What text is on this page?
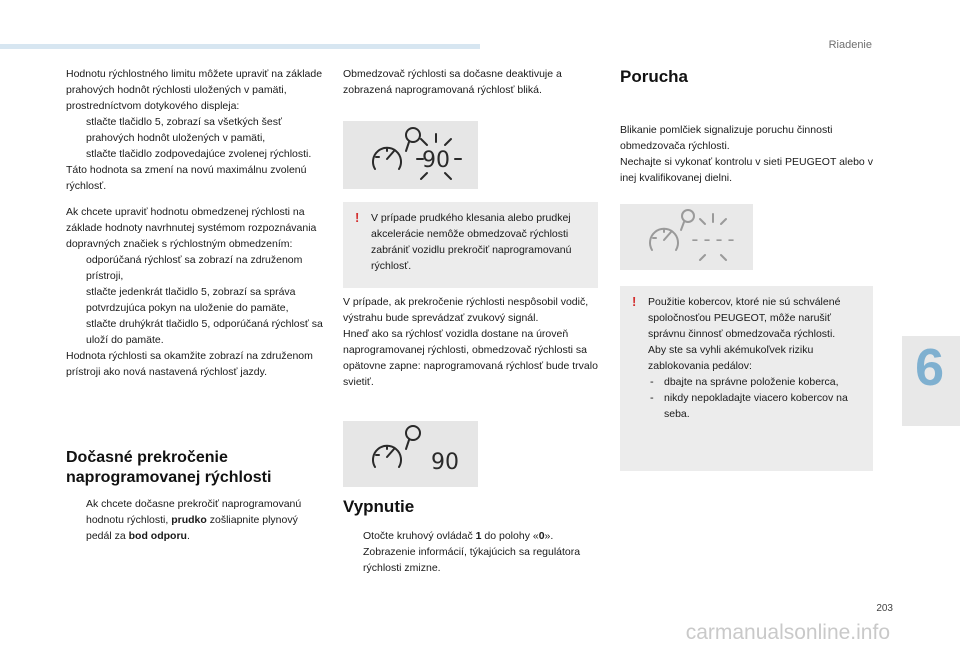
Riadenie
6
203
carmanualsonline.info

Hodnotu rýchlostného limitu môžete upraviť na základe prahových hodnôt rýchlosti uložených v pamäti, prostredníctvom dotykového displeja:

stlačte tlačidlo 5, zobrazí sa všetkých šesť prahových hodnôt uložených v pamäti,
stlačte tlačidlo zodpovedajúce zvolenej rýchlosti.

Táto hodnota sa zmení na novú maximálnu zvolenú rýchlosť.

Ak chcete upraviť hodnotu obmedzenej rýchlosti na základe hodnoty navrhnutej systémom rozpoznávania dopravných značiek s rýchlostným obmedzením:

odporúčaná rýchlosť sa zobrazí na združenom prístroji,
stlačte jedenkrát tlačidlo 5, zobrazí sa správa potvrdzujúca pokyn na uloženie do pamäte,
stlačte druhýkrát tlačidlo 5, odporúčaná rýchlosť sa uloží do pamäte.

Hodnota rýchlosti sa okamžite zobrazí na združenom prístroji ako nová nastavená rýchlosť jazdy.

Dočasné prekročenie naprogramovanej rýchlosti
Ak chcete dočasne prekročiť naprogramovanú hodnotu rýchlosti, prudko zošliapnite plynový pedál za bod odporu.

Obmedzovač rýchlosti sa dočasne deaktivuje a zobrazená naprogramovaná rýchlosť bliká.

90
! V prípade prudkého klesania alebo prudkej akcelerácie nemôže obmedzovač rýchlosti zabrániť vozidlu prekročiť naprogramovanú rýchlosť.

V prípade, ak prekročenie rýchlosti nespôsobil vodič, výstrahu bude sprevádzať zvukový signál.

Hneď ako sa rýchlosť vozidla dostane na úroveň naprogramovanej rýchlosti, obmedzovač rýchlosti sa opätovne zapne: naprogramovaná rýchlosť bude trvalo svietiť.

90
Vypnutie
Otočte kruhový ovládač 1 do polohy «0». Zobrazenie informácií, týkajúcich sa regulátora rýchlosti zmizne.
Porucha

Blikanie pomlčiek signalizuje poruchu činnosti obmedzovača rýchlosti.

Nechajte si vykonať kontrolu v sieti PEUGEOT alebo v inej kvalifikovanej dielni.

----
! Použitie kobercov, ktoré nie sú schválené spoločnosťou PEUGEOT, môže narušiť správnu činnosť obmedzovača rýchlosti.

Aby ste sa vyhli akémukoľvek riziku zablokovania pedálov:

- dbajte na správne položenie koberca,
- nikdy nepokladajte viacero kobercov na seba.
